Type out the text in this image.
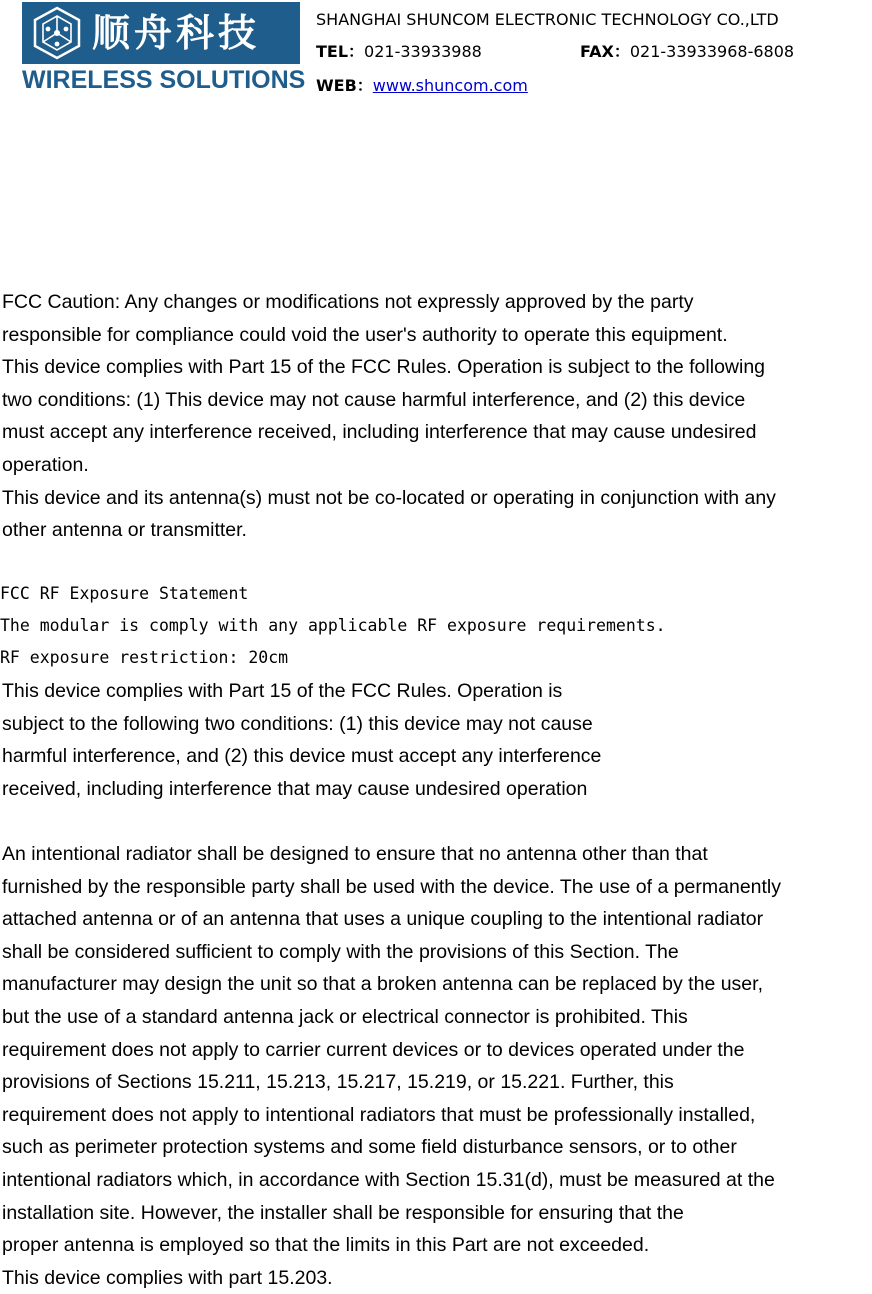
顺舟科技
WIRELESS SOLUTIONS
SHANGHAI SHUNCOM ELECTRONIC TECHNOLOGY CO.,LTD
TEL：021-33933988	FAX：021-33933968-6808
WEB：www.shuncom.com

FCC Caution: Any changes or modifications not expressly approved by the party

responsible for compliance could void the user's authority to operate this equipment.

This device complies with Part 15 of the FCC Rules. Operation is subject to the following

two conditions: (1) This device may not cause harmful interference, and (2) this device

must accept any interference received, including interference that may cause undesired

operation.

This device and its antenna(s) must not be co-located or operating in conjunction with any

other antenna or transmitter.

FCC RF Exposure Statement

The modular is comply with any applicable RF exposure requirements.

RF exposure restriction: 20cm

This device complies with Part 15 of the FCC Rules. Operation is

subject to the following two conditions: (1) this device may not cause

harmful interference, and (2) this device must accept any interference

received, including interference that may cause undesired operation

An intentional radiator shall be designed to ensure that no antenna other than that

furnished by the responsible party shall be used with the device. The use of a permanently

attached antenna or of an antenna that uses a unique coupling to the intentional radiator

shall be considered sufficient to comply with the provisions of this Section. The

manufacturer may design the unit so that a broken antenna can be replaced by the user,

but the use of a standard antenna jack or electrical connector is prohibited. This

requirement does not apply to carrier current devices or to devices operated under the

provisions of Sections 15.211, 15.213, 15.217, 15.219, or 15.221. Further, this

requirement does not apply to intentional radiators that must be professionally installed,

such as perimeter protection systems and some field disturbance sensors, or to other

intentional radiators which, in accordance with Section 15.31(d), must be measured at the

installation site. However, the installer shall be responsible for ensuring that the

proper antenna is employed so that the limits in this Part are not exceeded.

This device complies with part 15.203.
